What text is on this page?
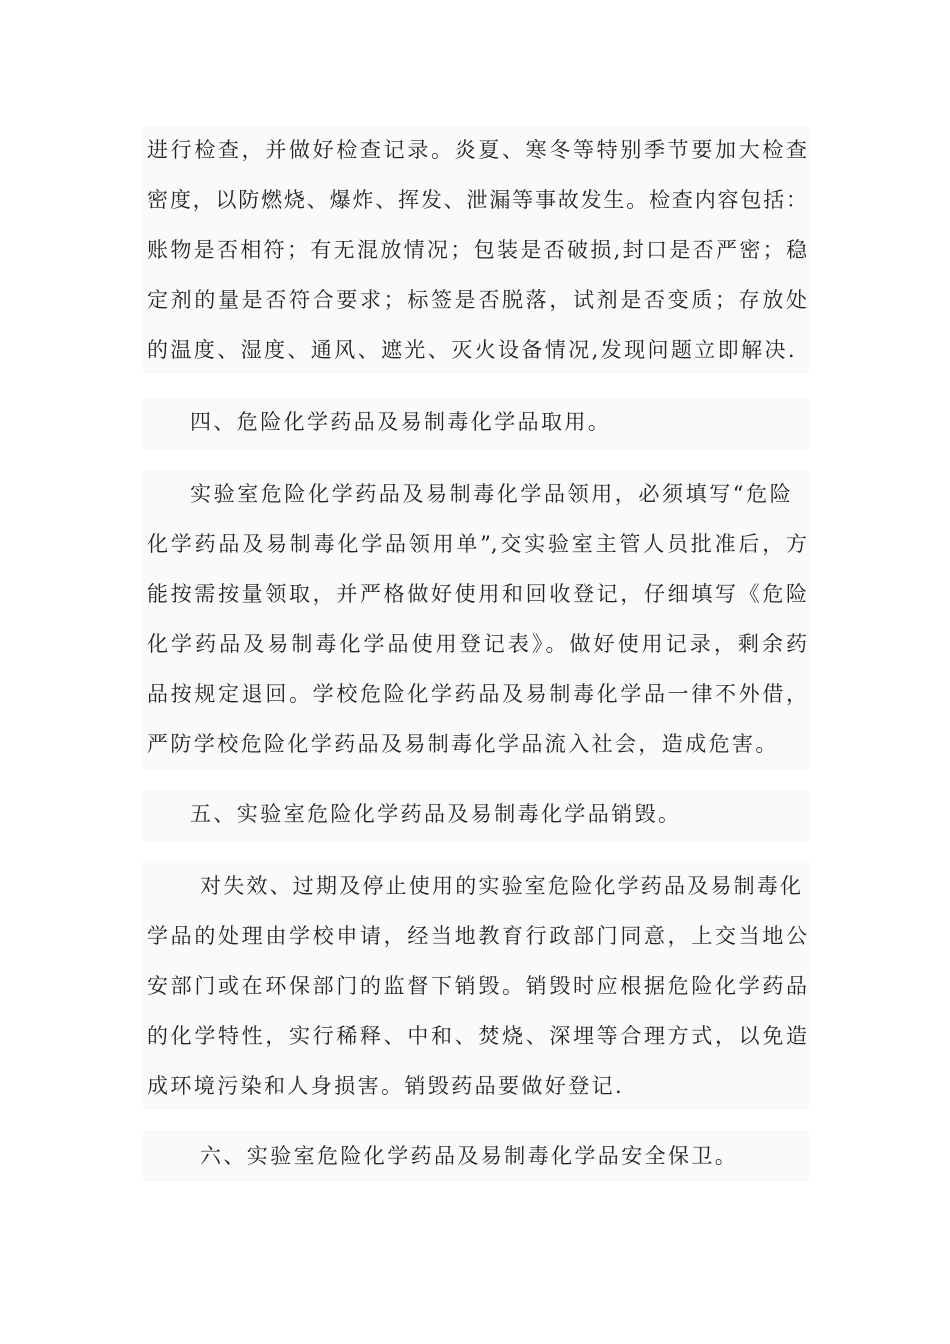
进行检查，并做好检查记录。炎夏、寒冬等特别季节要加大检查
密度，以防燃烧、爆炸、挥发、泄漏等事故发生。检查内容包括：
账物是否相符；有无混放情况；包装是否破损,封口是否严密；稳
定剂的量是否符合要求；标签是否脱落，试剂是否变质；存放处
的温度、湿度、通风、遮光、灭火设备情况,发现问题立即解决.
四、危险化学药品及易制毒化学品取用。
实验室危险化学药品及易制毒化学品领用，必须填写“危险
化学药品及易制毒化学品领用单”,交实验室主管人员批准后，方
能按需按量领取，并严格做好使用和回收登记，仔细填写《危险
化学药品及易制毒化学品使用登记表》。做好使用记录，剩余药
品按规定退回。学校危险化学药品及易制毒化学品一律不外借，
严防学校危险化学药品及易制毒化学品流入社会，造成危害。
五、实验室危险化学药品及易制毒化学品销毁。
对失效、过期及停止使用的实验室危险化学药品及易制毒化
学品的处理由学校申请，经当地教育行政部门同意，上交当地公
安部门或在环保部门的监督下销毁。销毁时应根据危险化学药品
的化学特性，实行稀释、中和、焚烧、深埋等合理方式，以免造
成环境污染和人身损害。销毁药品要做好登记.
六、实验室危险化学药品及易制毒化学品安全保卫。
